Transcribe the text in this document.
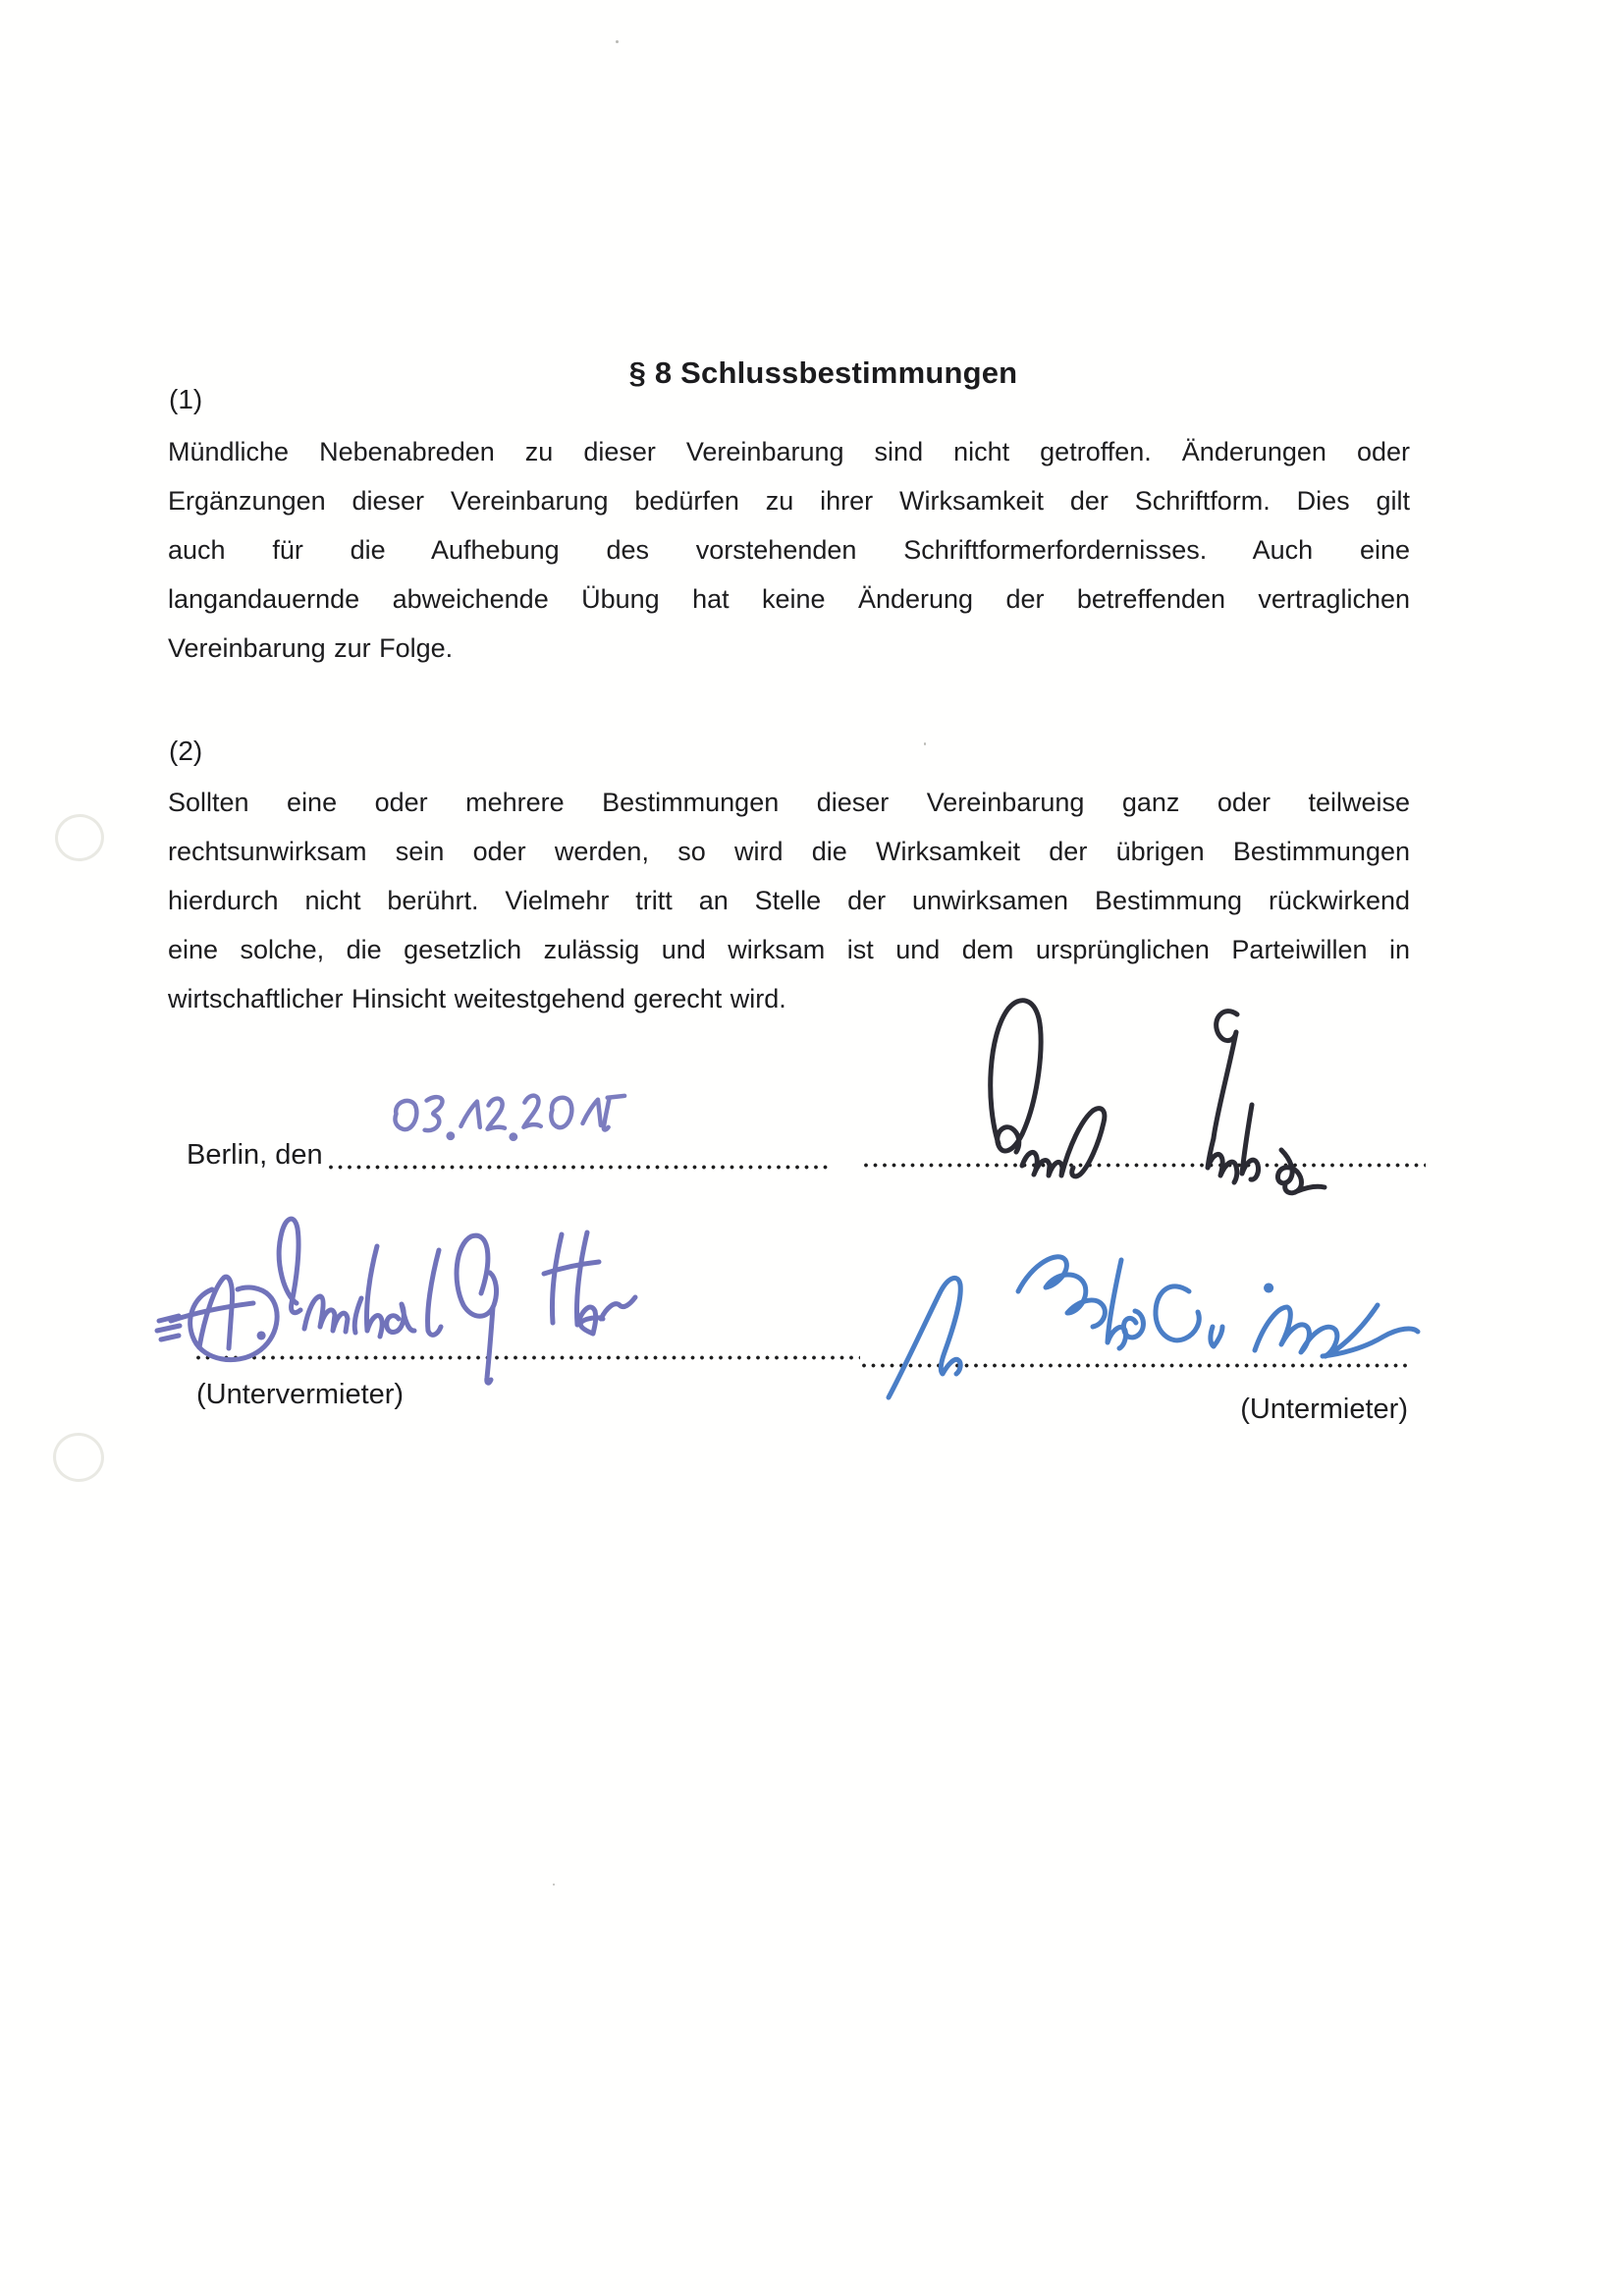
§ 8 Schlussbestimmungen
(1)
Mündliche Nebenabreden zu dieser Vereinbarung sind nicht getroffen. Änderungen oder
Ergänzungen dieser Vereinbarung bedürfen zu ihrer Wirksamkeit der Schriftform. Dies gilt
auch für die Aufhebung des vorstehenden Schriftformerfordernisses. Auch eine
langandauernde abweichende Übung hat keine Änderung der betreffenden vertraglichen
Vereinbarung zur Folge.
(2)
Sollten eine oder mehrere Bestimmungen dieser Vereinbarung ganz oder teilweise
rechtsunwirksam sein oder werden, so wird die Wirksamkeit der übrigen Bestimmungen
hierdurch nicht berührt. Vielmehr tritt an Stelle der unwirksamen Bestimmung rückwirkend
eine solche, die gesetzlich zulässig und wirksam ist und dem ursprünglichen Parteiwillen in
wirtschaftlicher Hinsicht weitestgehend gerecht wird.
Berlin, den
(Untervermieter)	(Untermieter)
